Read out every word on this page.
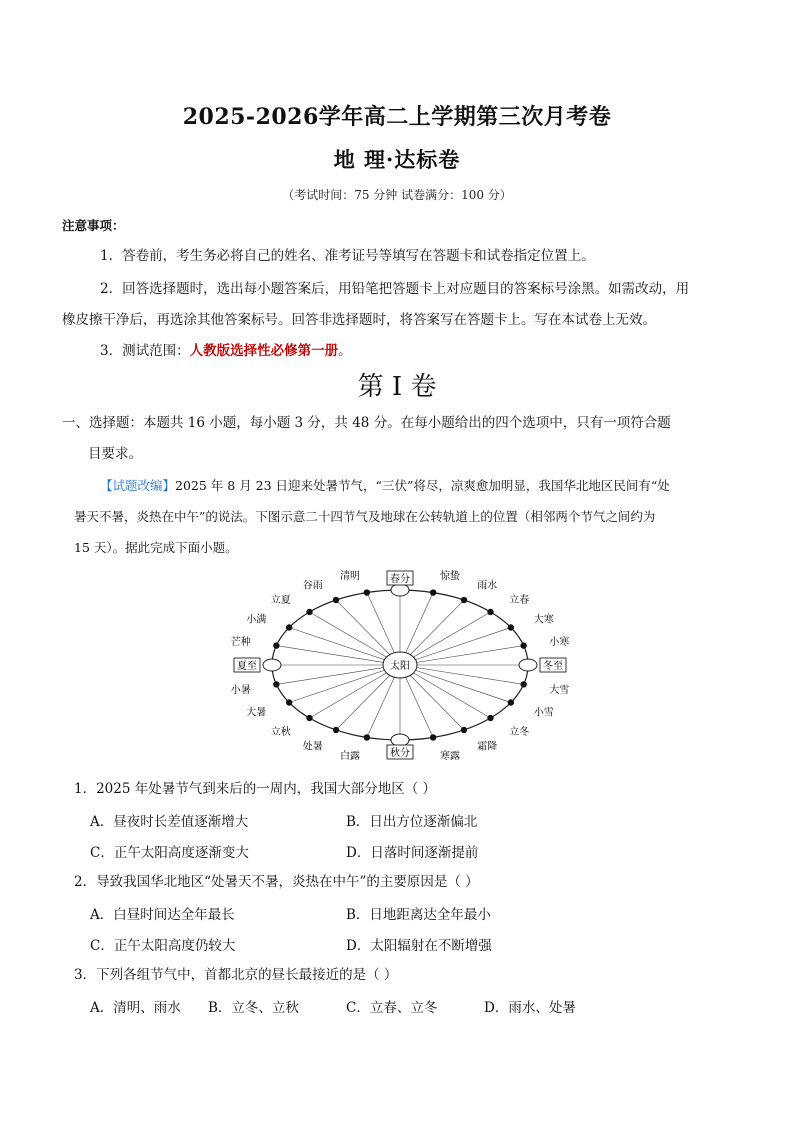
2025-2026学年高二上学期第三次月考卷
地 理·达标卷
（考试时间：75 分钟 试卷满分：100 分）
注意事项：
1．答卷前，考生务必将自己的姓名、准考证号等填写在答题卡和试卷指定位置上。
2．回答选择题时，选出每小题答案后，用铅笔把答题卡上对应题目的答案标号涂黑。如需改动，用
橡皮擦干净后，再选涂其他答案标号。回答非选择题时，将答案写在答题卡上。写在本试卷上无效。
3．测试范围：人教版选择性必修第一册。
第 I 卷
一、选择题：本题共 16 小题，每小题 3 分，共 48 分。在每小题给出的四个选项中，只有一项符合题
目要求。
【试题改编】2025 年 8 月 23 日迎来处暑节气，“三伏”将尽，凉爽愈加明显，我国华北地区民间有“处
暑天不暑，炎热在中午”的说法。下图示意二十四节气及地球在公转轨道上的位置（相邻两个节气之间约为
15 天）。据此完成下面小题。
太阳
春分	惊蛰
雨水
立春
大寒
小寒
冬至
大雪
小雪
立冬
霜降
寒露
秋分
白露
处暑
立秋
大暑
小暑
夏至
芒种
小满
立夏
谷雨
清明
1．2025 年处暑节气到来后的一周内，我国大部分地区（ ）
A．昼夜时长差值逐渐增大	B．日出方位逐渐偏北
C．正午太阳高度逐渐变大	D．日落时间逐渐提前
2．导致我国华北地区“处暑天不暑，炎热在中午”的主要原因是（ ）
A．白昼时间达全年最长	B．日地距离达全年最小
C．正午太阳高度仍较大	D．太阳辐射在不断增强
3．下列各组节气中，首都北京的昼长最接近的是（ ）
A．清明、雨水 B．立冬、立秋	C．立春、立冬	D．雨水、处暑
